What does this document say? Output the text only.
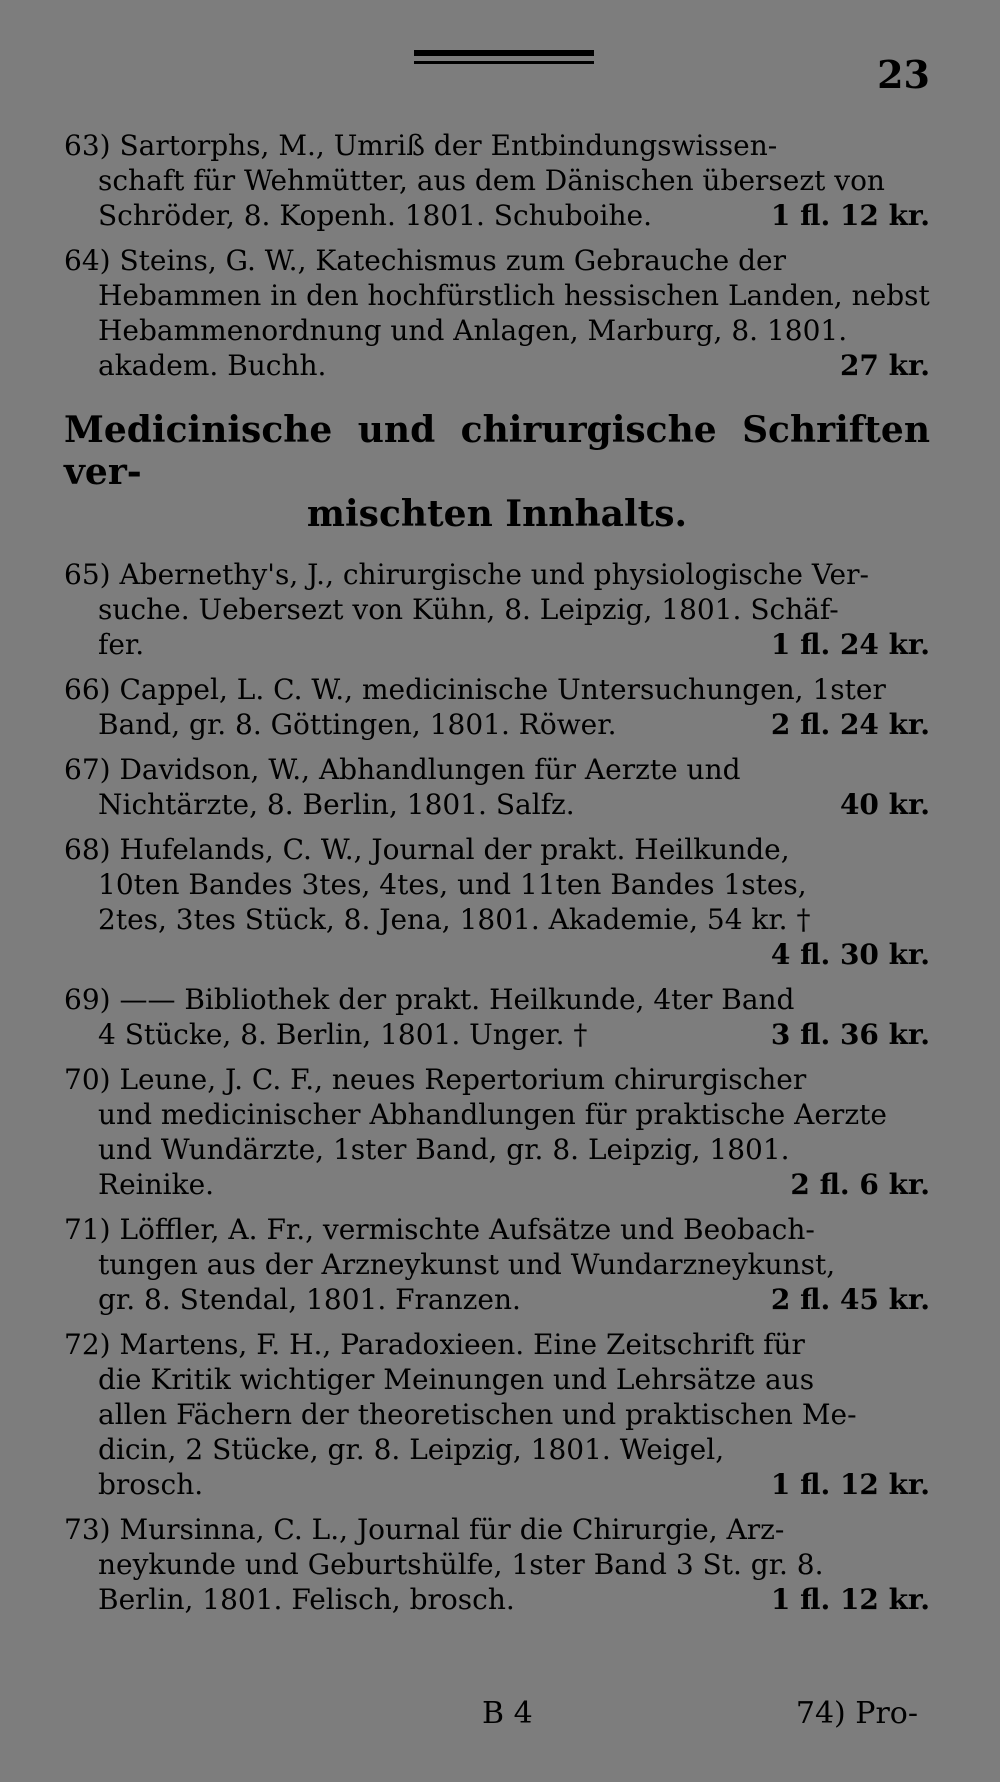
23
63) Sartorphs, M., Umriß der Entbindungswissen-
schaft für Wehmütter, aus dem Dänischen übersezt von
Schröder, 8. Kopenh. 1801. Schuboihe.	1 fl. 12 kr.
64) Steins, G. W., Katechismus zum Gebrauche der
Hebammen in den hochfürstlich hessischen Landen, nebst
Hebammenordnung und Anlagen, Marburg, 8. 1801.
akadem. Buchh.	27 kr.
Medicinische und chirurgische Schriften ver-
mischten Innhalts.
65) Abernethy's, J., chirurgische und physiologische Ver-
suche. Uebersezt von Kühn, 8. Leipzig, 1801. Schäf-
fer.	1 fl. 24 kr.
66) Cappel, L. C. W., medicinische Untersuchungen, 1ster
Band, gr. 8. Göttingen, 1801. Röwer.	2 fl. 24 kr.
67) Davidson, W., Abhandlungen für Aerzte und
Nichtärzte, 8. Berlin, 1801. Salfz.	40 kr.
68) Hufelands, C. W., Journal der prakt. Heilkunde,
10ten Bandes 3tes, 4tes, und 11ten Bandes 1stes,
2tes, 3tes Stück, 8. Jena, 1801. Akademie, 54 kr. †
4 fl. 30 kr.
69) —— Bibliothek der prakt. Heilkunde, 4ter Band
4 Stücke, 8. Berlin, 1801. Unger. †	3 fl. 36 kr.
70) Leune, J. C. F., neues Repertorium chirurgischer
und medicinischer Abhandlungen für praktische Aerzte
und Wundärzte, 1ster Band, gr. 8. Leipzig, 1801.
Reinike.	2 fl. 6 kr.
71) Löffler, A. Fr., vermischte Aufsätze und Beobach-
tungen aus der Arzneykunst und Wundarzneykunst,
gr. 8. Stendal, 1801. Franzen.	2 fl. 45 kr.
72) Martens, F. H., Paradoxieen. Eine Zeitschrift für
die Kritik wichtiger Meinungen und Lehrsätze aus
allen Fächern der theoretischen und praktischen Me-
dicin, 2 Stücke, gr. 8. Leipzig, 1801. Weigel,
brosch.	1 fl. 12 kr.
73) Mursinna, C. L., Journal für die Chirurgie, Arz-
neykunde und Geburtshülfe, 1ster Band 3 St. gr. 8.
Berlin, 1801. Felisch, brosch.	1 fl. 12 kr.
B 4	74) Pro-
